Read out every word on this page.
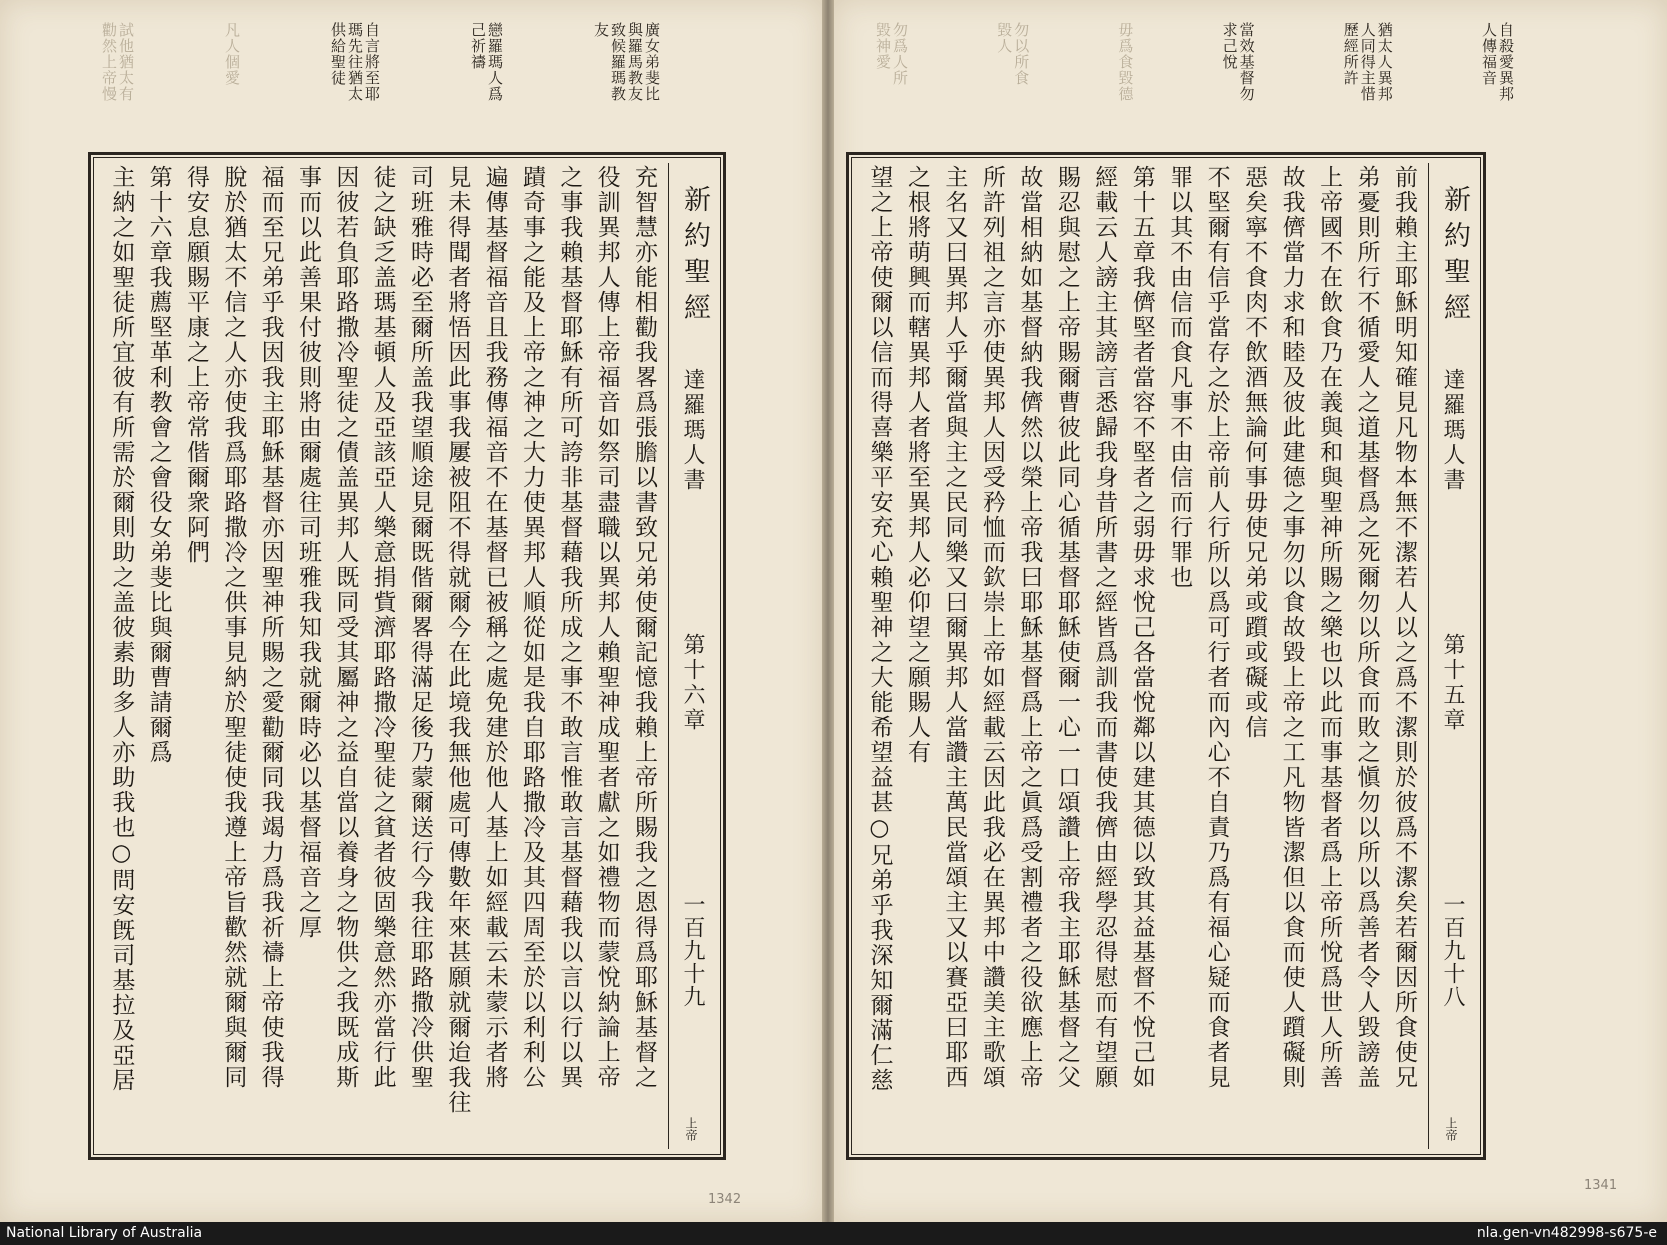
廣女弟斐比
與羅馬教友
致候羅瑪教
友
戀羅瑪人爲
己祈禱
自言將至耶
瑪先往猶太
供給聖徒
凡人個愛
試他猶太有
勸然上帝慢
充智慧亦能相勸我畧爲張膽以書致兄弟使爾記憶我賴上帝所賜我之恩得爲耶穌基督之
役訓異邦人傳上帝福音如祭司盡職以異邦人賴聖神成聖者獻之如禮物而蒙悅納論上帝
之事我賴基督耶穌有所可誇非基督藉我所成之事不敢言惟敢言基督藉我以言以行以異
蹟奇事之能及上帝之神之大力使異邦人順從如是我自耶路撒冷及其四周至於以利利公
遍傳基督福音且我務傳福音不在基督已被稱之處免建於他人基上如經載云未蒙示者將
見未得聞者將悟因此事我屢被阻不得就爾今在此境我無他處可傳數年來甚願就爾迨我往
司班雅時必至爾所盖我望順途見爾既偕爾畧得滿足後乃蒙爾送行今我往耶路撒冷供聖
徒之缺乏盖瑪基頓人及亞該亞人樂意捐貲濟耶路撒冷聖徒之貧者彼固樂意然亦當行此
因彼若負耶路撒冷聖徒之債盖異邦人既同受其屬神之益自當以養身之物供之我既成斯
事而以此善果付彼則將由爾處往司班雅我知我就爾時必以基督福音之厚
福而至兄弟乎我因我主耶穌基督亦因聖神所賜之愛勸爾同我竭力爲我祈禱上帝使我得
脫於猶太不信之人亦使我爲耶路撒冷之供事見納於聖徒使我遵上帝旨歡然就爾與爾同
得安息願賜平康之上帝常偕爾衆阿們
第十六章我薦堅革利教會之會役女弟斐比與爾曹請爾爲
主納之如聖徒所宜彼有所需於爾則助之盖彼素助多人亦助我也○問安旣司基拉及亞居	新約聖經
達羅瑪人書
第十六章
一百九十九
上帝
1342
自殺愛異邦
人傳福音
猶太人異邦
人同得主惜
歷經所許
當效基督勿
求己悅
毋爲食毀德
勿以所食
毀人
勿爲人所
毀神愛
前我賴主耶穌明知確見凡物本無不潔若人以之爲不潔則於彼爲不潔矣若爾因所食使兄
弟憂則所行不循愛人之道基督爲之死爾勿以所食而敗之愼勿以所以爲善者令人毀謗盖
上帝國不在飲食乃在義與和與聖神所賜之樂也以此而事基督者爲上帝所悅爲世人所善
故我儕當力求和睦及彼此建德之事勿以食故毀上帝之工凡物皆潔但以食而使人躓礙則
惡矣寧不食肉不飲酒無論何事毋使兄弟或躓或礙或信
不堅爾有信乎當存之於上帝前人行所以爲可行者而內心不自責乃爲有福心疑而食者見
罪以其不由信而食凡事不由信而行罪也
第十五章我儕堅者當容不堅者之弱毋求悅己各當悅鄰以建其德以致其益基督不悅己如
經載云人謗主其謗言悉歸我身昔所書之經皆爲訓我而書使我儕由經學忍得慰而有望願
賜忍與慰之上帝賜爾曹彼此同心循基督耶穌使爾一心一口頌讚上帝我主耶穌基督之父
故當相納如基督納我儕然以榮上帝我曰耶穌基督爲上帝之眞爲受割禮者之役欲應上帝
所許列祖之言亦使異邦人因受矜恤而欽崇上帝如經載云因此我必在異邦中讚美主歌頌
主名又曰異邦人乎爾當與主之民同樂又曰爾異邦人當讚主萬民當頌主又以賽亞曰耶西
之根將萌興而轄異邦人者將至異邦人必仰望之願賜人有
望之上帝使爾以信而得喜樂平安充心賴聖神之大能希望益甚○兄弟乎我深知爾滿仁慈	新約聖經
達羅瑪人書
第十五章
一百九十八
上帝
1341
National Library of Australia	nla.gen-vn482998-s675-e
